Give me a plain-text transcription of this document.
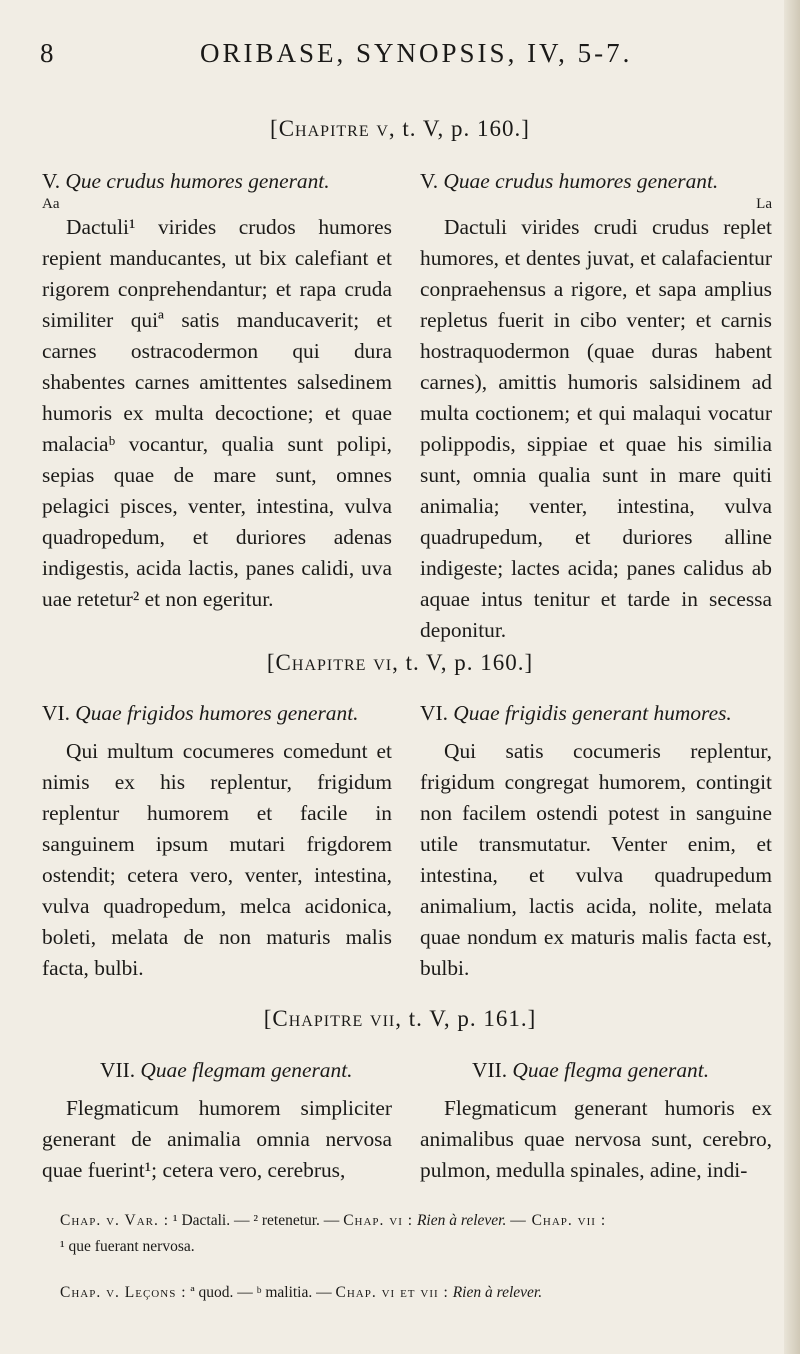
8	ORIBASE, SYNOPSIS, IV, 5-7.
[Chapitre v, t. V, p. 160.]
V. Que crudus humores generant.
Aa

Dactuli¹ virides crudos humores repient manducantes, ut bix calefiant et rigorem conprehendantur; et rapa cruda similiter quiª satis manducaverit; et carnes ostracodermon qui dura shabentes carnes amittentes salsedinem humoris ex multa decoctione; et quae malaciaᵇ vocantur, qualia sunt polipi, sepias quae de mare sunt, omnes pelagici pisces, venter, intestina, vulva quadropedum, et duriores adenas indigestis, acida lactis, panes calidi, uva uae retetur² et non egeritur.

V. Quae crudus humores generant.
La

Dactuli virides crudi crudus replet humores, et dentes juvat, et calafacientur conpraehensus a rigore, et sapa amplius repletus fuerit in cibo venter; et carnis hostraquodermon (quae duras habent carnes), amittis humoris salsidinem ad multa coctionem; et qui malaqui vocatur polippodis, sippiae et quae his similia sunt, omnia qualia sunt in mare quiti animalia; venter, intestina, vulva quadrupedum, et duriores alline indigeste; lactes acida; panes calidus ab aquae intus tenitur et tarde in secessa deponitur.

[Chapitre vi, t. V, p. 160.]
VI. Quae frigidos humores generant.

Qui multum cocumeres comedunt et nimis ex his replentur, frigidum replentur humorem et facile in sanguinem ipsum mutari frigdorem ostendit; cetera vero, venter, intestina, vulva quadropedum, melca acidonica, boleti, melata de non maturis malis facta, bulbi.

VI. Quae frigidis generant humores.

Qui satis cocumeris replentur, frigidum congregat humorem, contingit non facilem ostendi potest in sanguine utile transmutatur. Venter enim, et intestina, et vulva quadrupedum animalium, lactis acida, nolite, melata quae nondum ex maturis malis facta est, bulbi.

[Chapitre vii, t. V, p. 161.]
VII. Quae flegmam generant.

Flegmaticum humorem simpliciter generant de animalia omnia nervosa quae fuerint¹; cetera vero, cerebrus,

VII. Quae flegma generant.

Flegmaticum generant humoris ex animalibus quae nervosa sunt, cerebro, pulmon, medulla spinales, adine, indi-

Chap. v. Var. : ¹ Dactali. — ² retenetur. — Chap. vi : Rien à relever. — Chap. vii :
¹ que fuerant nervosa.
Chap. v. Leçons : ª quod. — ᵇ malitia. — Chap. vi et vii : Rien à relever.
